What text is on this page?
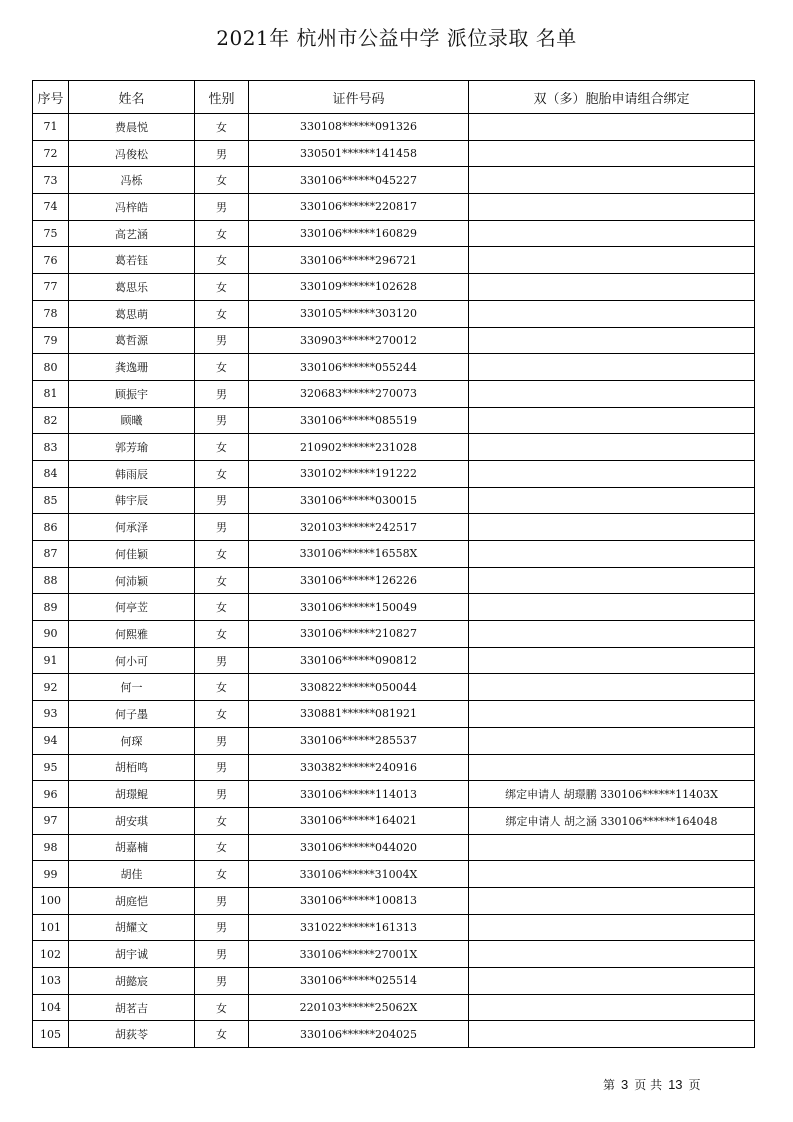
2021年 杭州市公益中学 派位录取 名单
序号	姓名	性别	证件号码	双（多）胞胎申请组合绑定
71	费晨悦	女	330108******091326	
72	冯俊松	男	330501******141458	
73	冯栎	女	330106******045227	
74	冯梓皓	男	330106******220817	
75	高艺涵	女	330106******160829	
76	葛若钰	女	330106******296721	
77	葛思乐	女	330109******102628	
78	葛思萌	女	330105******303120	
79	葛哲源	男	330903******270012	
80	龚逸珊	女	330106******055244	
81	顾振宇	男	320683******270073	
82	顾曦	男	330106******085519	
83	郭芳瑜	女	210902******231028	
84	韩雨辰	女	330102******191222	
85	韩宇辰	男	330106******030015	
86	何承泽	男	320103******242517	
87	何佳颖	女	330106******16558X	
88	何沛颖	女	330106******126226	
89	何亭苙	女	330106******150049	
90	何熙雅	女	330106******210827	
91	何小可	男	330106******090812	
92	何一	女	330822******050044	
93	何子墨	女	330881******081921	
94	何琛	男	330106******285537	
95	胡栢鸣	男	330382******240916	
96	胡璟鲲	男	330106******114013	绑定申请人 胡璟鹏 330106******11403X
97	胡安琪	女	330106******164021	绑定申请人 胡之涵 330106******164048
98	胡嘉楠	女	330106******044020	
99	胡佳	女	330106******31004X	
100	胡庭恺	男	330106******100813	
101	胡耀文	男	331022******161313	
102	胡宇诚	男	330106******27001X	
103	胡懿宸	男	330106******025514	
104	胡茗吉	女	220103******25062X	
105	胡荻苓	女	330106******204025	
第 3 页 共 13 页
